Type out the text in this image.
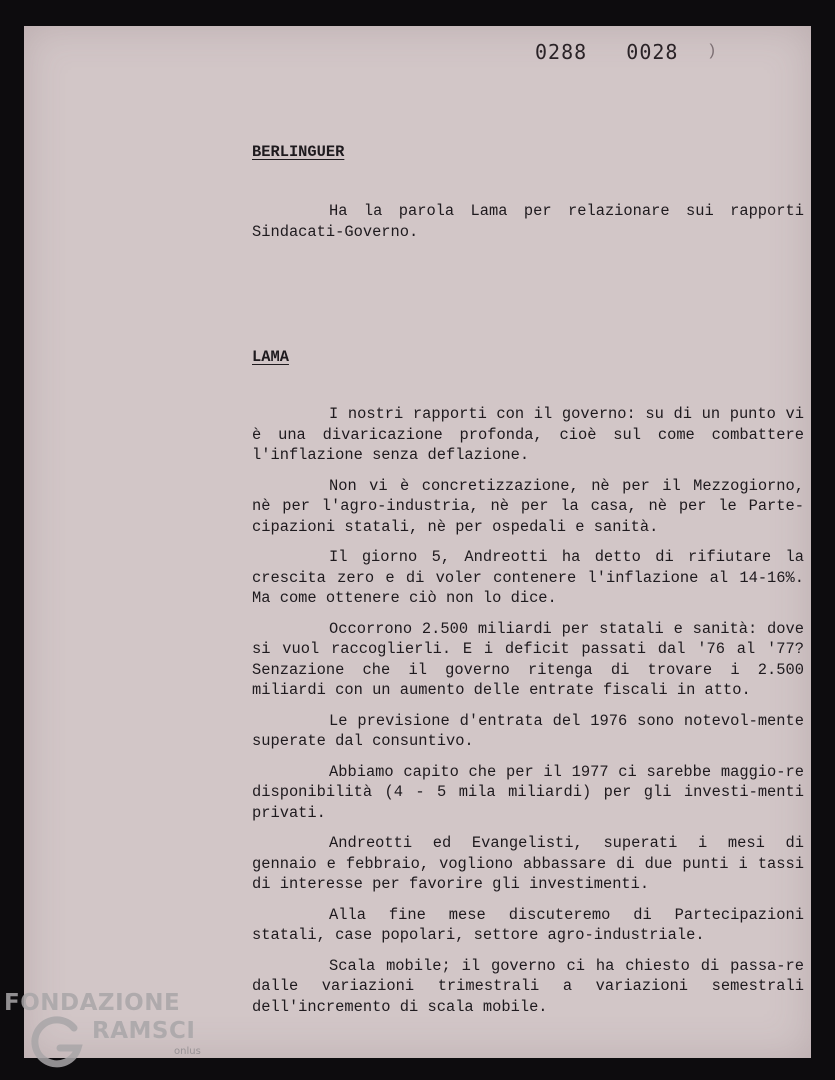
0288   0028 )
BERLINGUER

Ha la parola Lama per relazionare sui rapporti Sindacati-Governo.

LAMA

I nostri rapporti con il governo: su di un punto vi è una divaricazione profonda, cioè sul come combattere l'inflazione senza deflazione.

Non vi è concretizzazione, nè per il Mezzogiorno, nè per l'agro-industria, nè per la casa, nè per le Parte-cipazioni statali, nè per ospedali e sanità.

Il giorno 5, Andreotti ha detto di rifiutare la crescita zero e di voler contenere l'inflazione al 14-16%. Ma come ottenere ciò non lo dice.

Occorrono 2.500 miliardi per statali e sanità: dove si vuol raccoglierli. E i deficit passati dal '76 al '77? Senzazione che il governo ritenga di trovare i 2.500 miliardi con un aumento delle entrate fiscali in atto.

Le previsione d'entrata del 1976 sono notevol-mente superate dal consuntivo.

Abbiamo capito che per il 1977 ci sarebbe maggio-re disponibilità (4 - 5 mila miliardi) per gli investi-menti privati.

Andreotti ed Evangelisti, superati i mesi di gennaio e febbraio, vogliono abbassare di due punti i tassi di interesse per favorire gli investimenti.

Alla fine mese discuteremo di Partecipazioni statali, case popolari, settore agro-industriale.

Scala mobile; il governo ci ha chiesto di passa-re dalle variazioni trimestrali a variazioni semestrali dell'incremento di scala mobile.

FONDAZIONE
RAMSCI
onlus
